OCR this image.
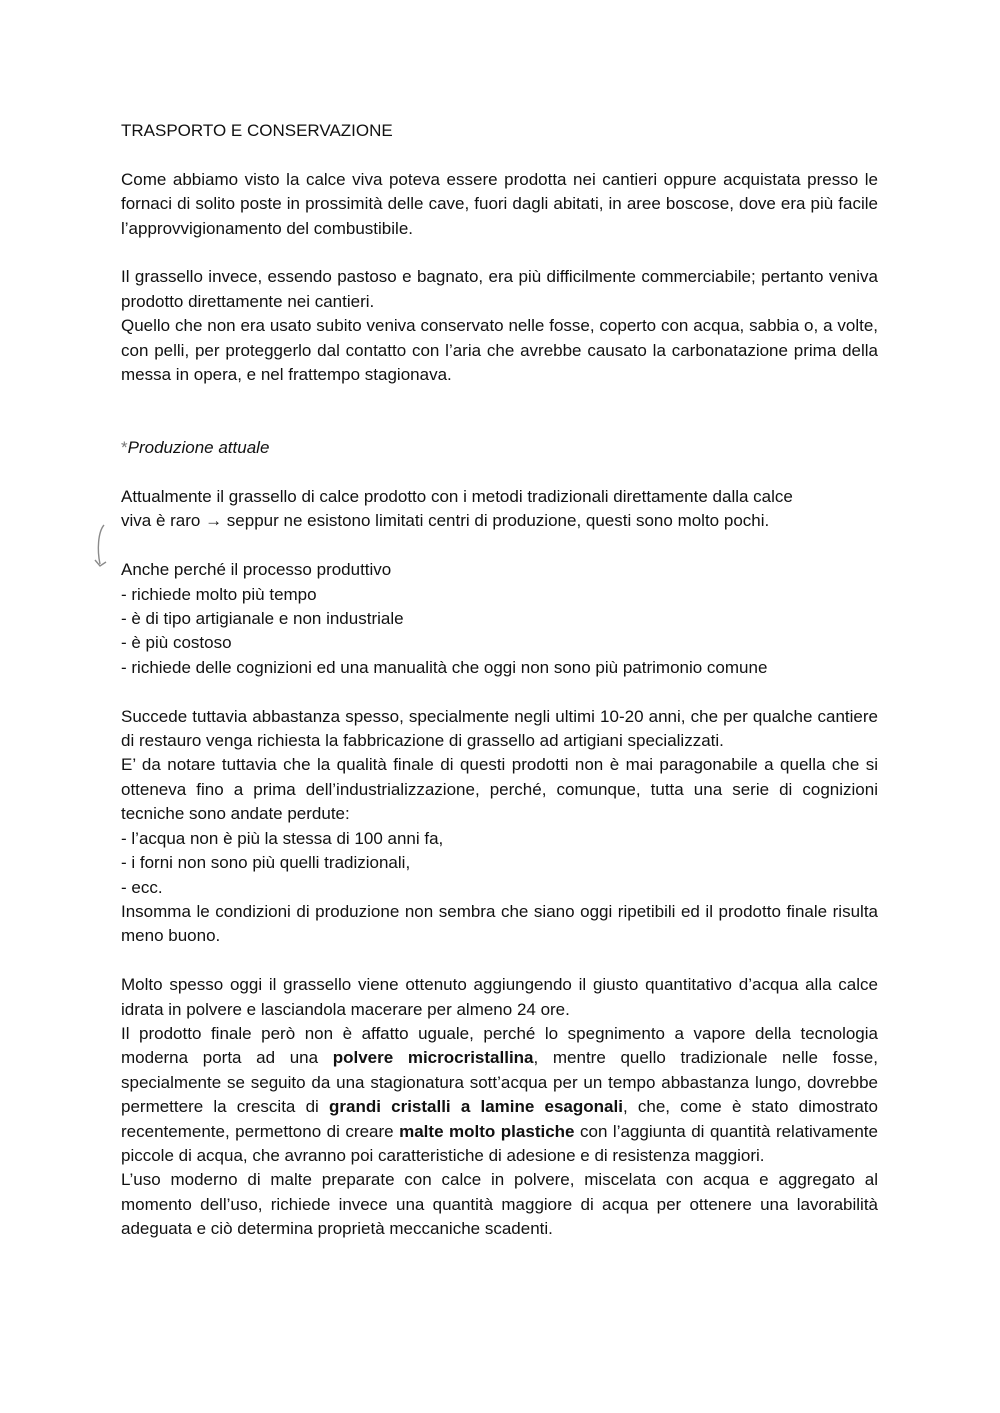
TRASPORTO E CONSERVAZIONE

Come abbiamo visto la calce viva poteva essere prodotta nei cantieri oppure acquistata presso le fornaci di solito poste in prossimità delle cave, fuori dagli abitati, in aree boscose, dove era più facile l’approvvigionamento del combustibile.

Il grassello invece, essendo pastoso e bagnato, era più difficilmente commerciabile; pertanto veniva prodotto direttamente nei cantieri.

Quello che non era usato subito veniva conservato nelle fosse, coperto con acqua, sabbia o, a volte, con pelli, per proteggerlo dal contatto con l’aria che avrebbe causato la carbonatazione prima della messa in opera, e nel frattempo stagionava.

*Produzione attuale

Attualmente il grassello di calce prodotto con i metodi tradizionali direttamente dalla calce

viva è raro → seppur ne esistono limitati centri di produzione, questi sono molto pochi.

Anche perché il processo produttivo

- richiede molto più tempo

- è di tipo artigianale e non industriale

- è più costoso

- richiede delle cognizioni ed una manualità che oggi non sono più patrimonio comune

Succede tuttavia abbastanza spesso, specialmente negli ultimi 10-20 anni, che per qualche cantiere di restauro venga richiesta la fabbricazione di grassello ad artigiani specializzati.

E’ da notare tuttavia che la qualità finale di questi prodotti non è mai paragonabile a quella che si otteneva fino a prima dell’industrializzazione, perché, comunque, tutta una serie di cognizioni tecniche sono andate perdute:

- l’acqua non è più la stessa di 100 anni fa,

- i forni non sono più quelli tradizionali,

- ecc.

Insomma le condizioni di produzione non sembra che siano oggi ripetibili ed il prodotto finale risulta meno buono.

Molto spesso oggi il grassello viene ottenuto aggiungendo il giusto quantitativo d’acqua alla calce idrata in polvere e lasciandola macerare per almeno 24 ore.

Il prodotto finale però non è affatto uguale, perché lo spegnimento a vapore della tecnologia moderna porta ad una polvere microcristallina, mentre quello tradizionale nelle fosse, specialmente se seguito da una stagionatura sott’acqua per un tempo abbastanza lungo, dovrebbe permettere la crescita di grandi cristalli a lamine esagonali, che, come è stato dimostrato recentemente, permettono di creare malte molto plastiche con l’aggiunta di quantità relativamente piccole di acqua, che avranno poi caratteristiche di adesione e di resistenza maggiori.

L’uso moderno di malte preparate con calce in polvere, miscelata con acqua e aggregato al momento dell’uso, richiede invece una quantità maggiore di acqua per ottenere una lavorabilità adeguata e ciò determina proprietà meccaniche scadenti.
